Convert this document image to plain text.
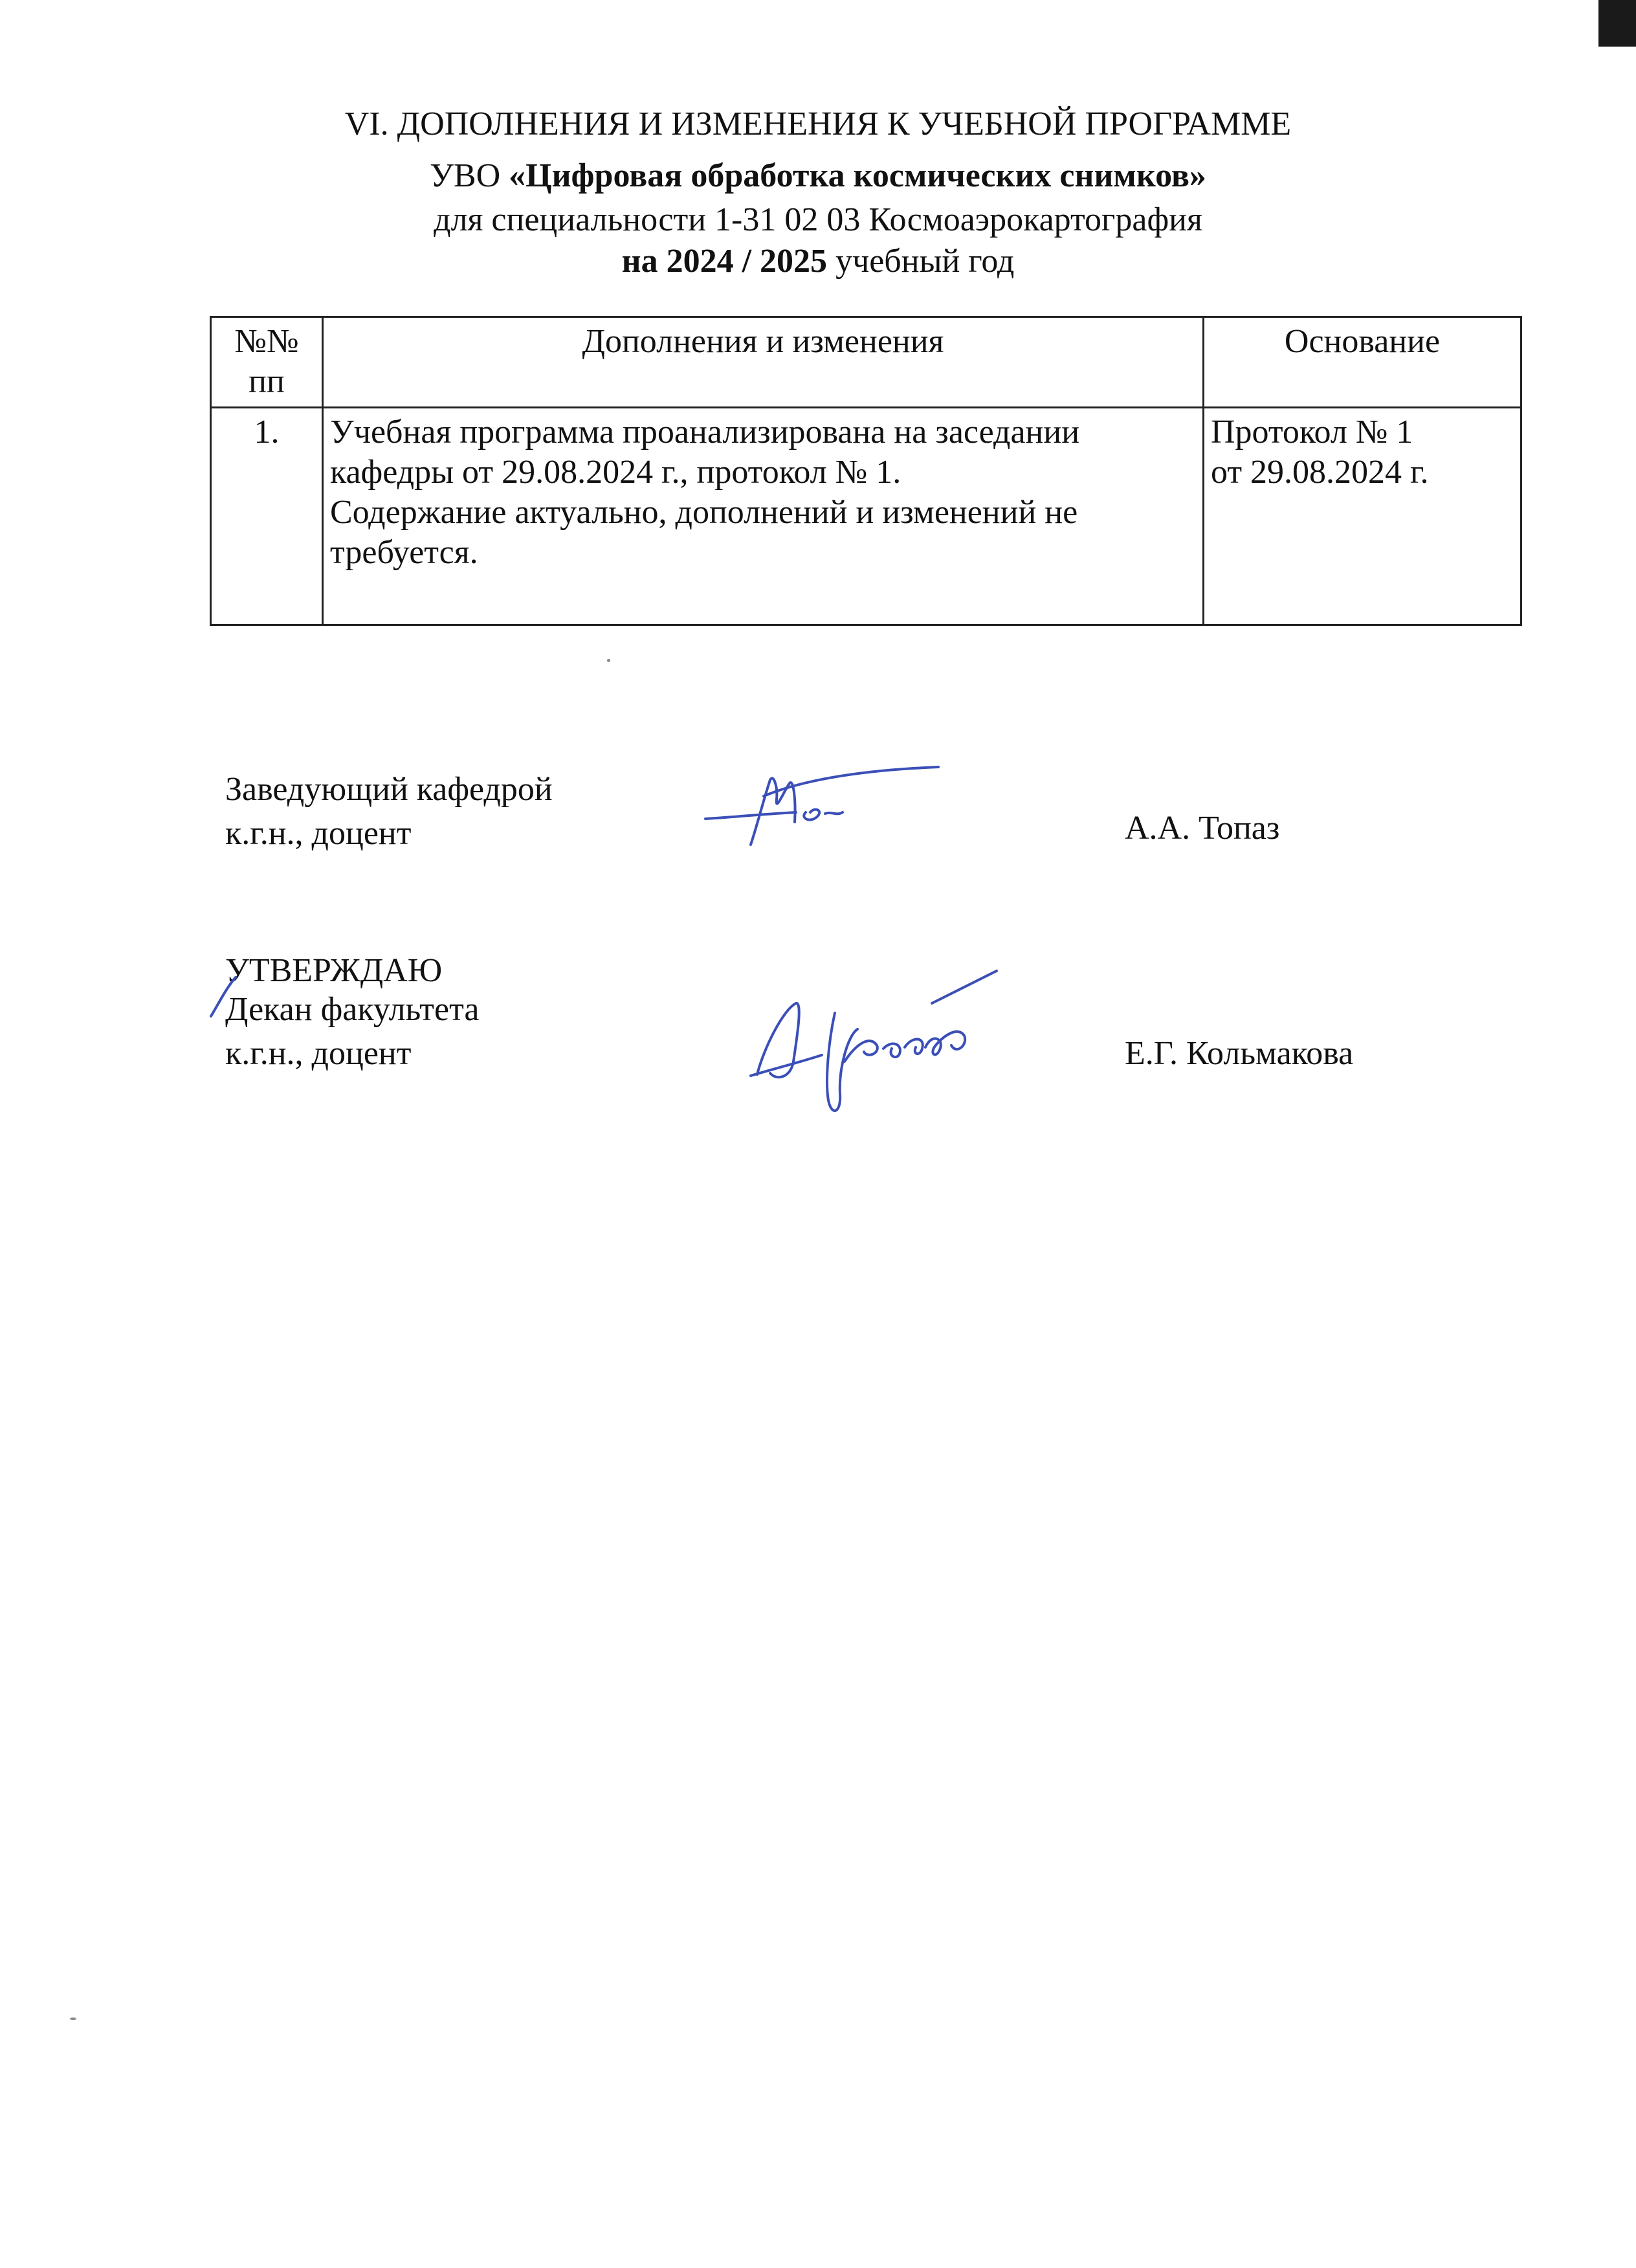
VI. ДОПОЛНЕНИЯ И ИЗМЕНЕНИЯ К УЧЕБНОЙ ПРОГРАММЕ
УВО «Цифровая обработка космических снимков»
для специальности 1-31 02 03 Космоаэрокартография
на 2024 / 2025 учебный год
№№
пп	Дополнения и изменения	Основание
1.	Учебная программа проанализирована на заседании
кафедры от 29.08.2024 г., протокол № 1.
Содержание актуально, дополнений и изменений не
требуется.	Протокол № 1
от 29.08.2024 г.
Заведующий кафедрой
к.г.н., доцент	А.А. Топаз
УТВЕРЖДАЮ
Декан факультета
к.г.н., доцент	Е.Г. Кольмакова
